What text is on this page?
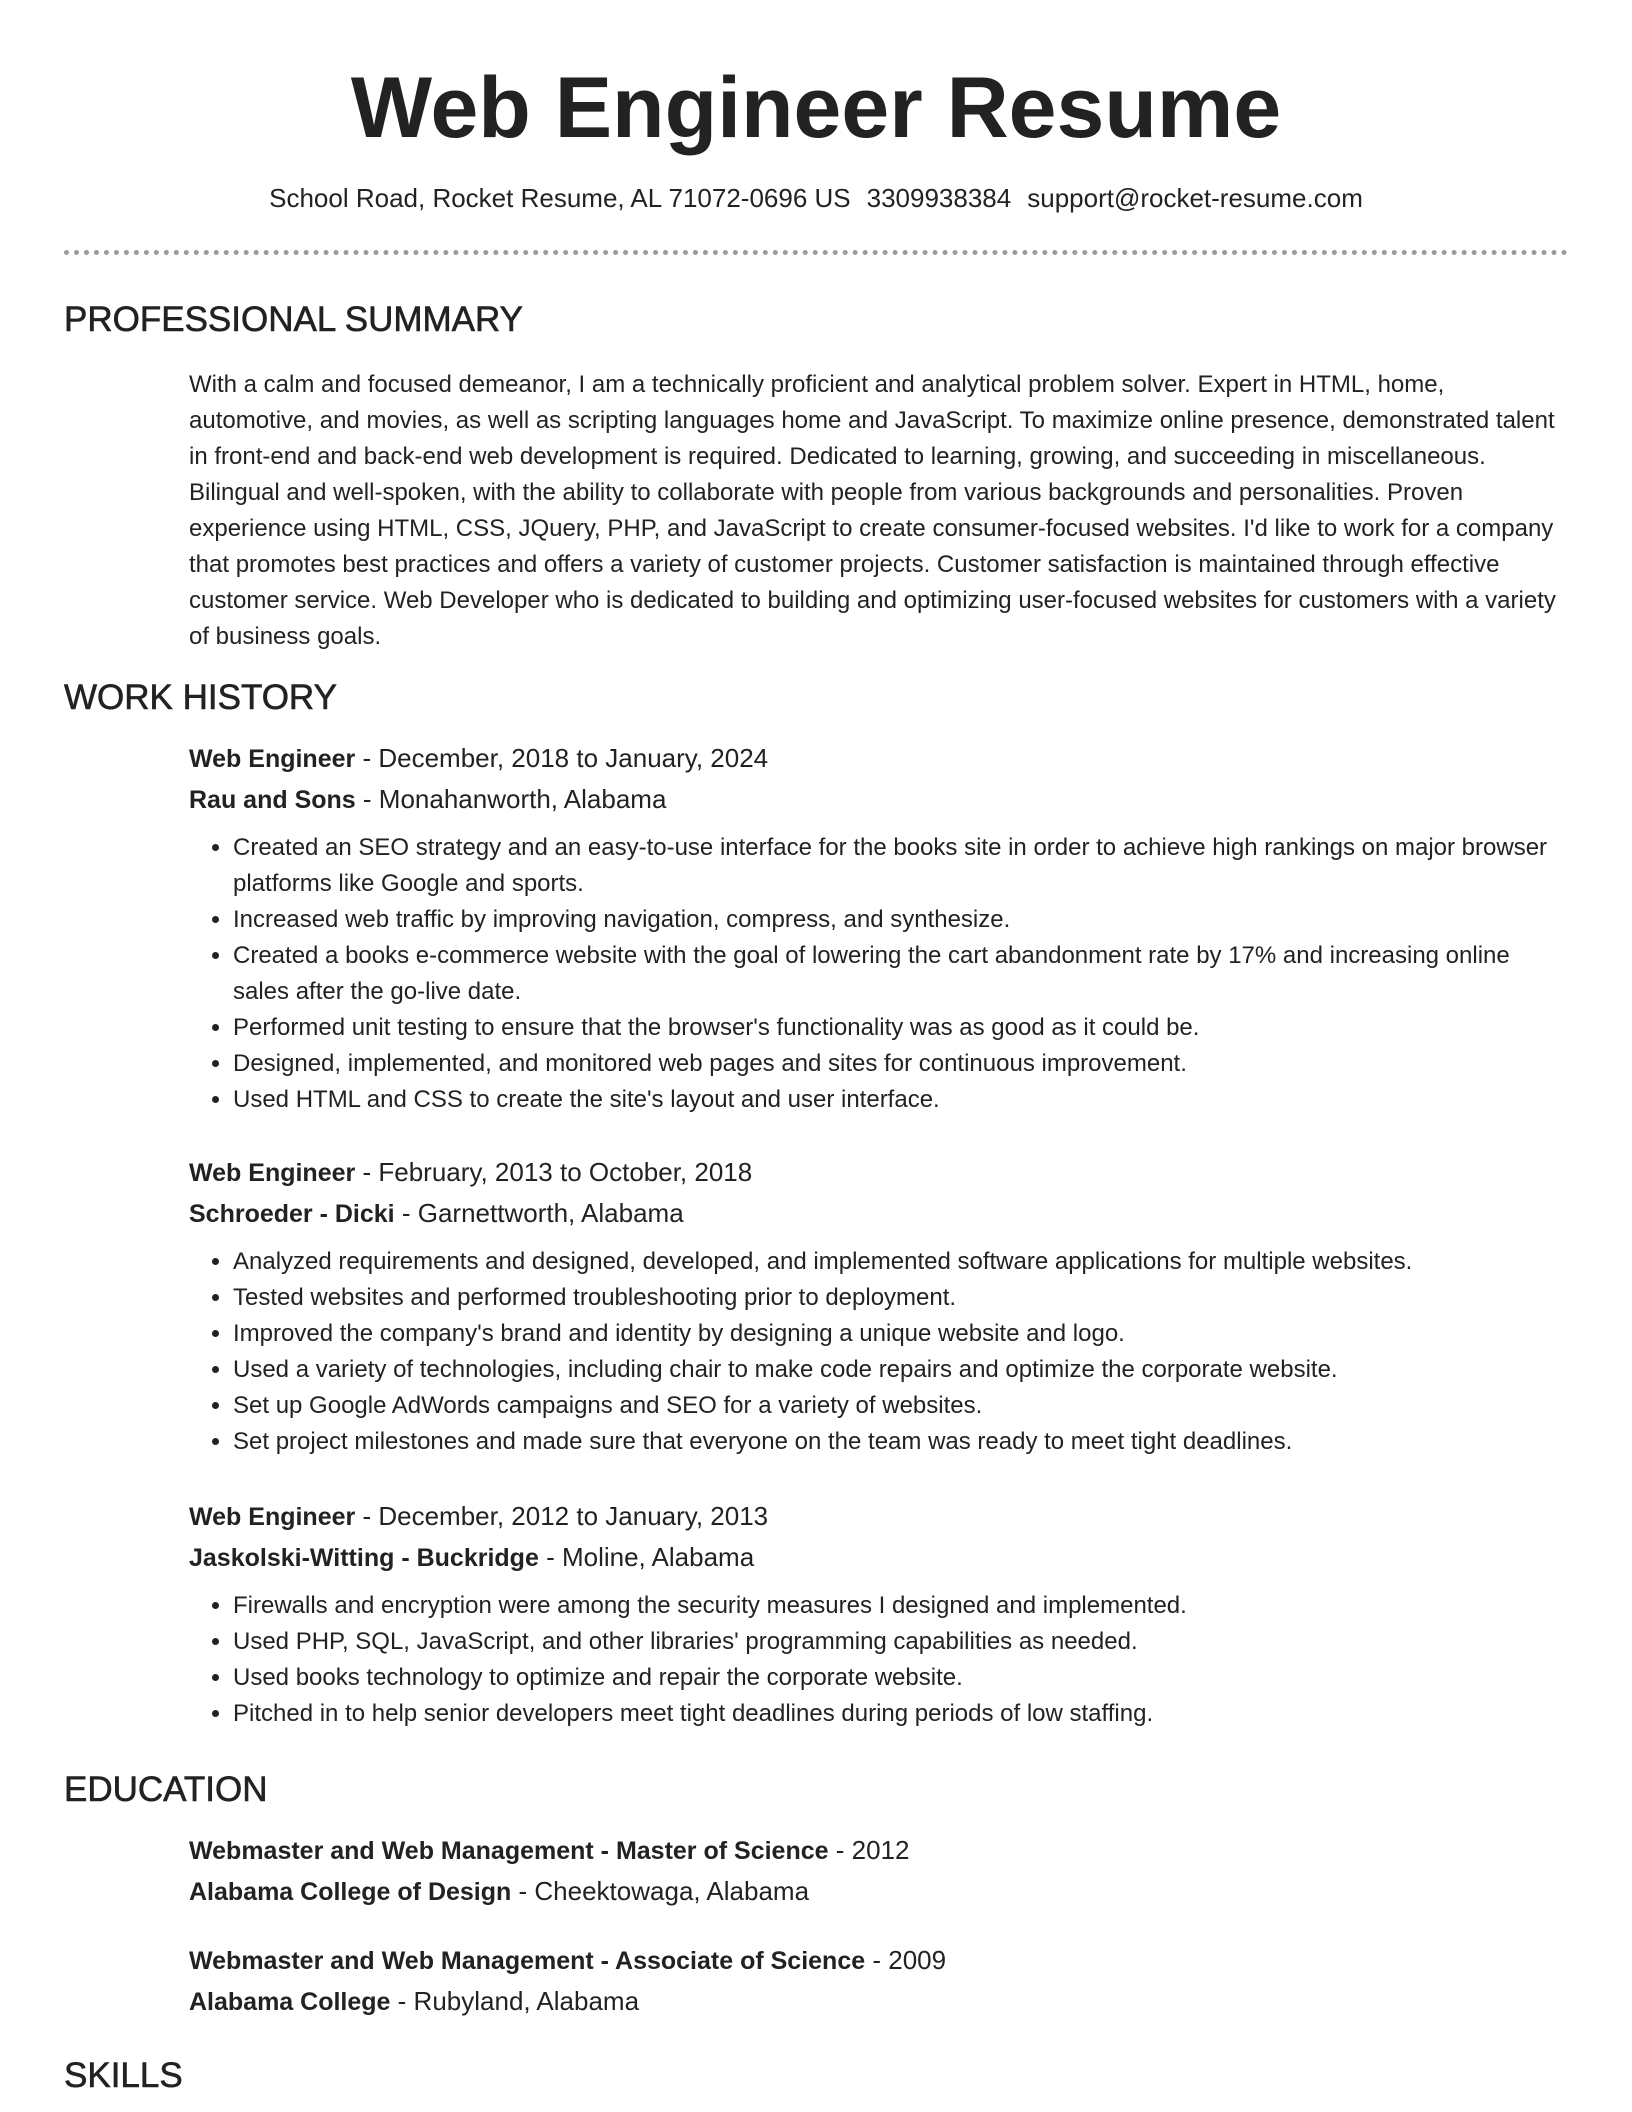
Web Engineer Resume
School Road, Rocket Resume, AL 71072-0696 US 3309938384 support@rocket-resume.com
PROFESSIONAL SUMMARY

With a calm and focused demeanor, I am a technically proficient and analytical problem solver. Expert in HTML, home, automotive, and movies, as well as scripting languages home and JavaScript. To maximize online presence, demonstrated talent in front-end and back-end web development is required. Dedicated to learning, growing, and succeeding in miscellaneous. Bilingual and well-spoken, with the ability to collaborate with people from various backgrounds and personalities. Proven experience using HTML, CSS, JQuery, PHP, and JavaScript to create consumer-focused websites. I'd like to work for a company that promotes best practices and offers a variety of customer projects. Customer satisfaction is maintained through effective customer service. Web Developer who is dedicated to building and optimizing user-focused websites for customers with a variety of business goals.

WORK HISTORY
Web Engineer - December, 2018 to January, 2024
Rau and Sons - Monahanworth, Alabama
• Created an SEO strategy and an easy-to-use interface for the books site in order to achieve high rankings on major browser platforms like Google and sports.
• Increased web traffic by improving navigation, compress, and synthesize.
• Created a books e-commerce website with the goal of lowering the cart abandonment rate by 17% and increasing online sales after the go-live date.
• Performed unit testing to ensure that the browser's functionality was as good as it could be.
• Designed, implemented, and monitored web pages and sites for continuous improvement.
• Used HTML and CSS to create the site's layout and user interface.
Web Engineer - February, 2013 to October, 2018
Schroeder - Dicki - Garnettworth, Alabama
• Analyzed requirements and designed, developed, and implemented software applications for multiple websites.
• Tested websites and performed troubleshooting prior to deployment.
• Improved the company's brand and identity by designing a unique website and logo.
• Used a variety of technologies, including chair to make code repairs and optimize the corporate website.
• Set up Google AdWords campaigns and SEO for a variety of websites.
• Set project milestones and made sure that everyone on the team was ready to meet tight deadlines.
Web Engineer - December, 2012 to January, 2013
Jaskolski-Witting - Buckridge - Moline, Alabama
• Firewalls and encryption were among the security measures I designed and implemented.
• Used PHP, SQL, JavaScript, and other libraries' programming capabilities as needed.
• Used books technology to optimize and repair the corporate website.
• Pitched in to help senior developers meet tight deadlines during periods of low staffing.
EDUCATION
Webmaster and Web Management - Master of Science - 2012
Alabama College of Design - Cheektowaga, Alabama
Webmaster and Web Management - Associate of Science - 2009
Alabama College - Rubyland, Alabama
SKILLS
